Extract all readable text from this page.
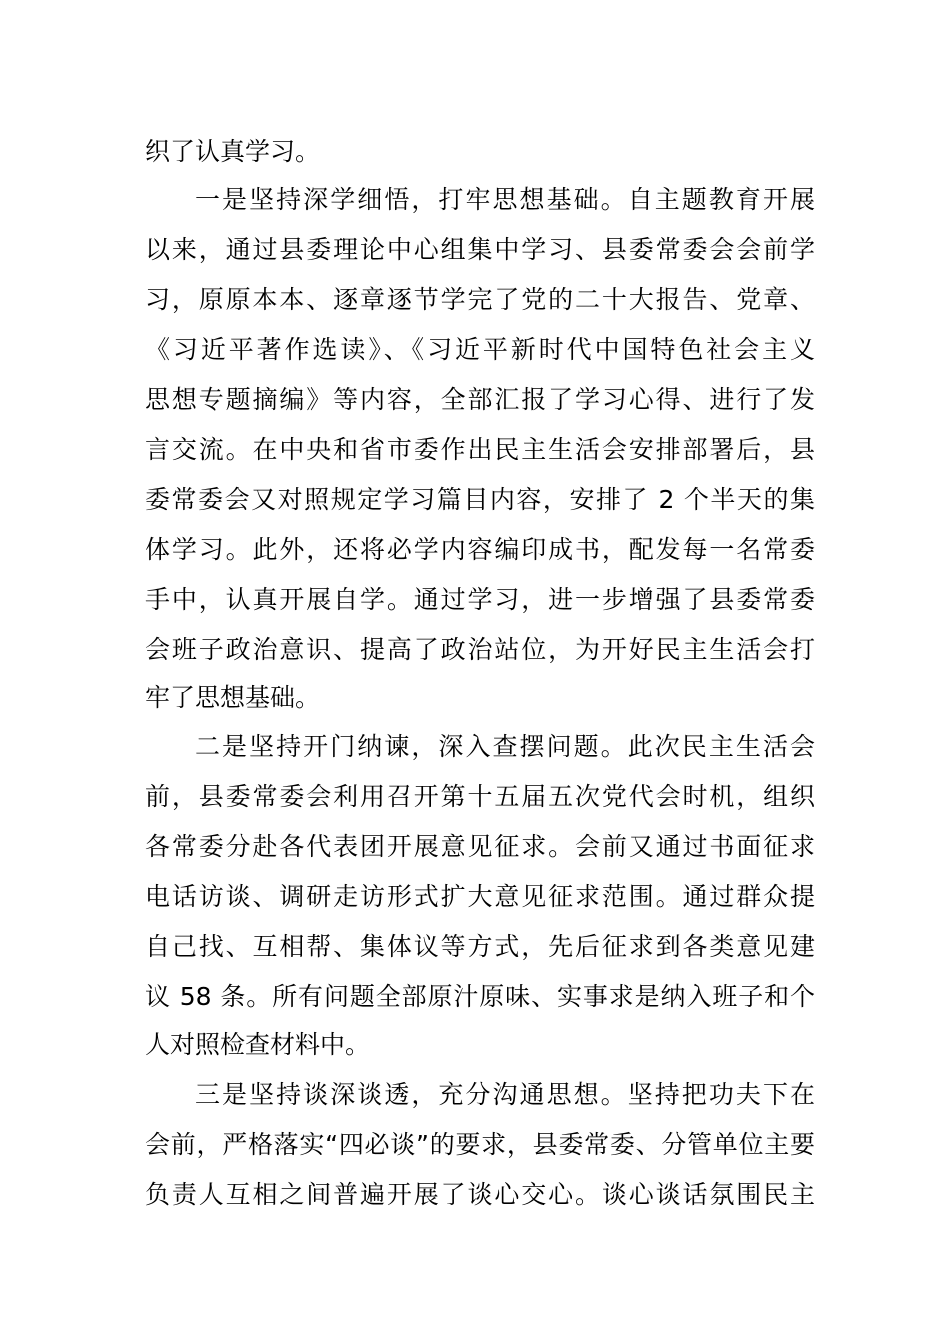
织了认真学习。
一是坚持深学细悟，打牢思想基础。自主题教育开展
以来，通过县委理论中心组集中学习、县委常委会会前学
习，原原本本、逐章逐节学完了党的二十大报告、党章、
《习近平著作选读》、《习近平新时代中国特色社会主义
思想专题摘编》等内容，全部汇报了学习心得、进行了发
言交流。在中央和省市委作出民主生活会安排部署后，县
委常委会又对照规定学习篇目内容，安排了 2 个半天的集
体学习。此外，还将必学内容编印成书，配发每一名常委
手中，认真开展自学。通过学习，进一步增强了县委常委
会班子政治意识、提高了政治站位，为开好民主生活会打
牢了思想基础。
二是坚持开门纳谏，深入查摆问题。此次民主生活会
前，县委常委会利用召开第十五届五次党代会时机，组织
各常委分赴各代表团开展意见征求。会前又通过书面征求
电话访谈、调研走访形式扩大意见征求范围。通过群众提
自己找、互相帮、集体议等方式，先后征求到各类意见建
议 58 条。所有问题全部原汁原味、实事求是纳入班子和个
人对照检查材料中。
三是坚持谈深谈透，充分沟通思想。坚持把功夫下在
会前，严格落实“四必谈”的要求，县委常委、分管单位主要
负责人互相之间普遍开展了谈心交心。谈心谈话氛围民主
